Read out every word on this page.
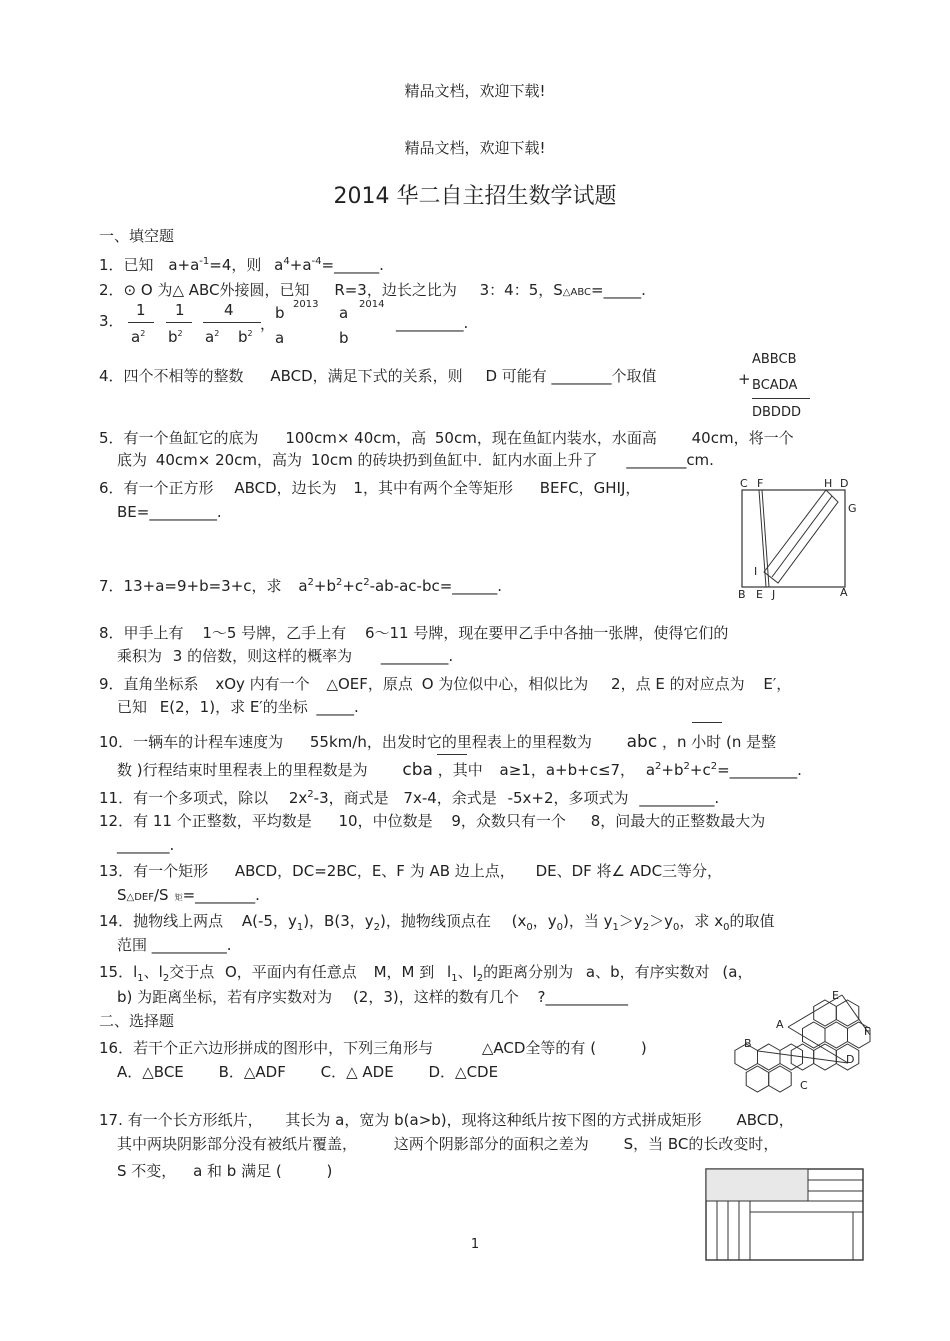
精品文档，欢迎下载!
精品文档，欢迎下载!
2014 华二自主招生数学试题
一、填空题
1．已知 $a+a^{-1}=4$，则 $a^4+a^{-4}=\_\_\_\_\_\_$.
2．⊙ O 为△ ABC外接圆，已知 R=3，边长之比为 3：4：5，S△ABC=_____.
3．
1 1	4	b	a
2013	2014
$a^2$ $b^2$ $a^2$ $b^2$
，
a	b
_________.
4．四个不相等的整数 ABCD，满足下式的关系，则 D 可能有 ________个取值
ABBCB
+ BCADA
DBDDD
5．有一个鱼缸它的底为 100cm× 40cm，高 50cm，现在鱼缸内装水，水面高 40cm，将一个
底为 40cm× 20cm，高为 10cm 的砖块扔到鱼缸中．缸内水面上升了 ________cm.
6．有一个正方形 ABCD，边长为 1，其中有两个全等矩形 BEFC，GHIJ，
BE=_________.
C F	H D
G
I
B E J	A
7．13+a=9+b=3+c，求 $a^2+b^2+c^2-ab-ac-bc=\_\_\_\_\_\_$.
8．甲手上有 1～5 号牌，乙手上有 6～11 号牌，现在要甲乙手中各抽一张牌，使得它们的
乘积为 3 的倍数，则这样的概率为 _________.
9．直角坐标系 xOy 内有一个 △OEF，原点 O 为位似中心，相似比为 2，点 E 的对应点为 E′，
已知 E(2，1)，求 E′的坐标 _____.
10．一辆车的计程车速度为 55km/h，出发时它的里程表上的里程数为 abc ，n 小时 (n 是整
数 )行程结束时里程表上的里程数是为 cba ，其中 a≥1，a+b+c≤7， $a^2+b^2+c^2=\_\_\_\_\_\_\_\_\_$.
11．有一个多项式，除以 $2x^2-3$，商式是 7x-4，余式是 -5x+2，多项式为 __________.
12．有 11 个正整数，平均数是 10，中位数是 9，众数只有一个 8，问最大的正整数最大为
_______.
13．有一个矩形 ABCD，DC=2BC，E、F 为 AB 边上点， DE、DF 将∠ ADC三等分，
S△DEF/S 矩=________.
14．抛物线上两点 A(-5，$y_1$)，B(3，$y_2$)，抛物线顶点在 ($x_0$，$y_0$)，当 $y_1>y_2>y_0$，求 $x_0$的取值
范围 __________.
15．$l_1$、$l_2$交于点 O，平面内有任意点 M，M 到 $l_1$、$l_2$的距离分别为 a、b，有序实数对 (a，
b) 为距离坐标，若有序实数对为 (2，3)，这样的数有几个 ?___________
二、选择题
16．若干个正六边形拼成的图形中，下列三角形与	△ACD全等的有 (	)
A．△BCE B．△ADF C．△ ADE D．△CDE
E
A
F
B
D
C
17. 有一个长方形纸片， 其长为 a，宽为 b(a>b)，现将这种纸片按下图的方式拼成矩形 ABCD，
其中两块阴影部分没有被纸片覆盖， 这两个阴影部分的面积之差为 S，当 BC的长改变时，
S 不变， a 和 b 满足 (	)
1
